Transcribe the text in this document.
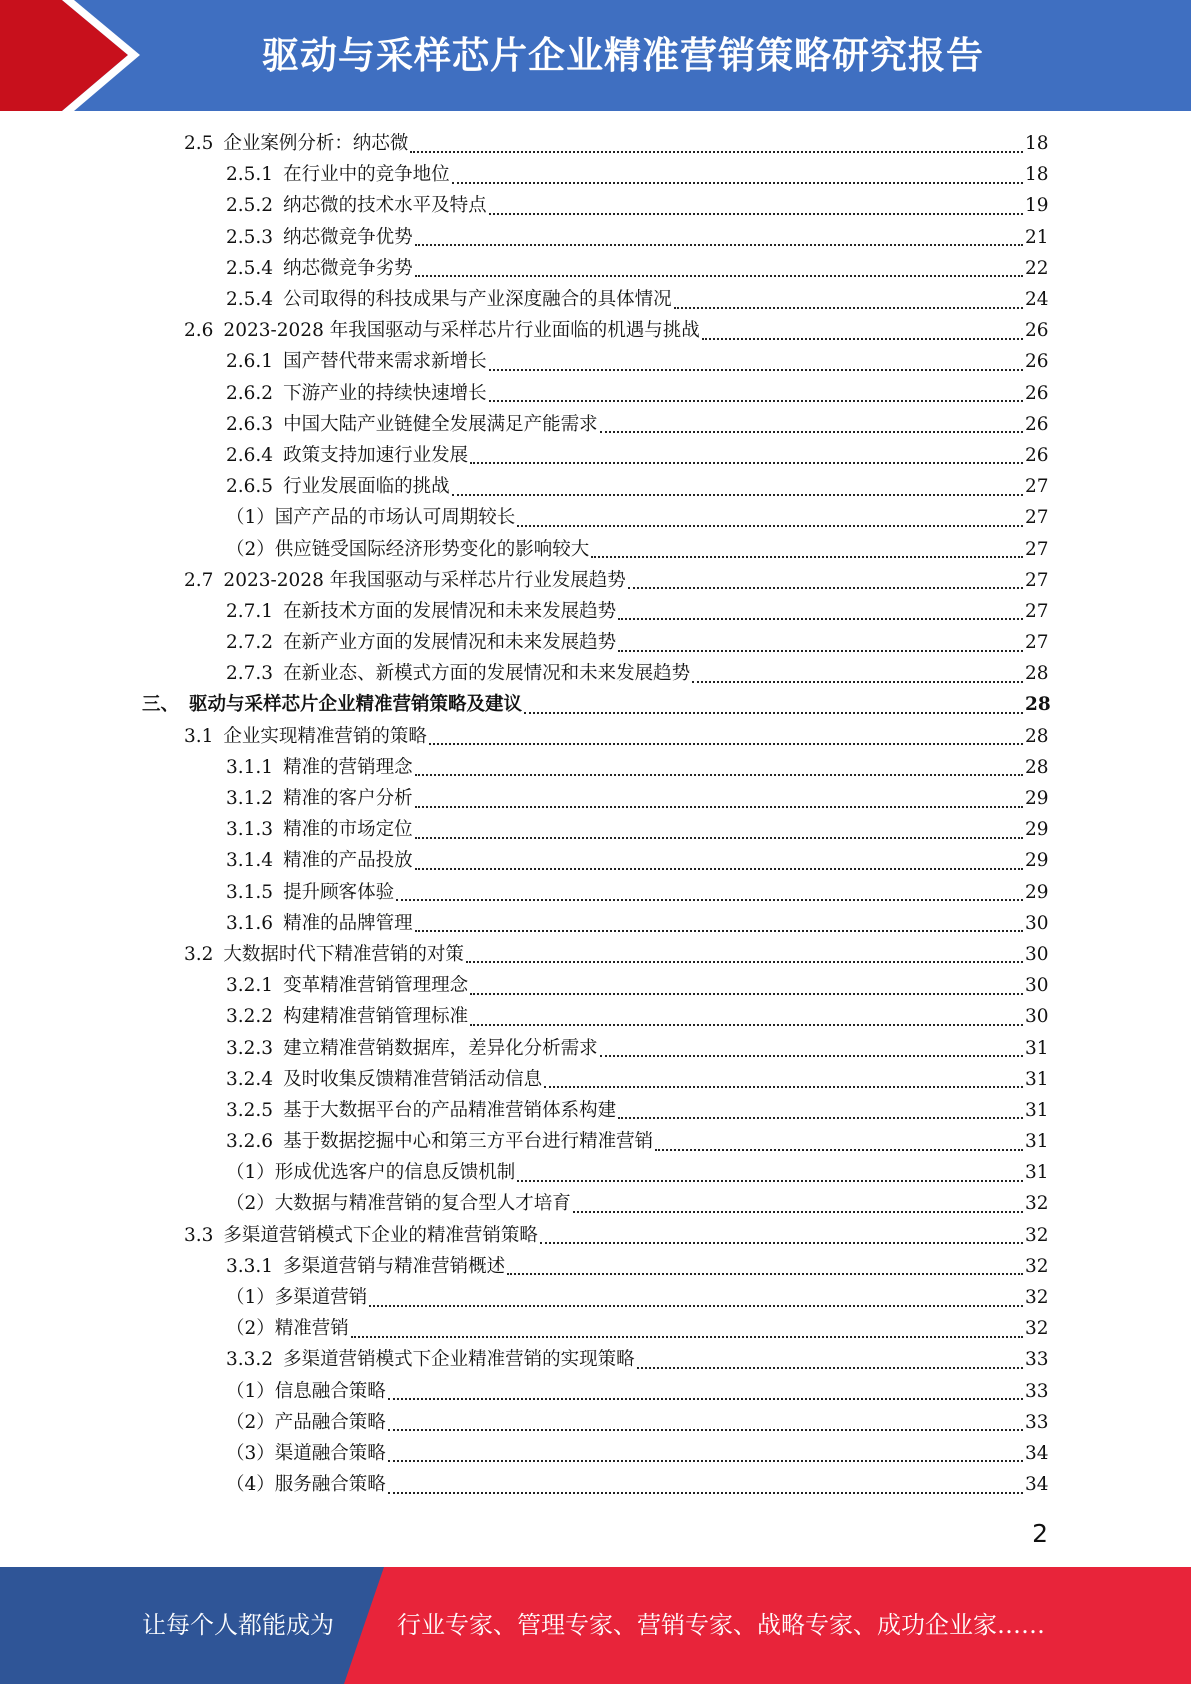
驱动与采样芯片企业精准营销策略研究报告
2.5 企业案例分析：纳芯微	18
2.5.1 在行业中的竞争地位	18
2.5.2 纳芯微的技术水平及特点	19
2.5.3 纳芯微竞争优势	21
2.5.4 纳芯微竞争劣势	22
2.5.4 公司取得的科技成果与产业深度融合的具体情况	24
2.6 2023-2028 年我国驱动与采样芯片行业面临的机遇与挑战	26
2.6.1 国产替代带来需求新增长	26
2.6.2 下游产业的持续快速增长	26
2.6.3 中国大陆产业链健全发展满足产能需求	26
2.6.4 政策支持加速行业发展	26
2.6.5 行业发展面临的挑战	27
（1） 国产产品的市场认可周期较长	27
（2） 供应链受国际经济形势变化的影响较大	27
2.7 2023-2028 年我国驱动与采样芯片行业发展趋势	27
2.7.1 在新技术方面的发展情况和未来发展趋势	27
2.7.2 在新产业方面的发展情况和未来发展趋势	27
2.7.3 在新业态、新模式方面的发展情况和未来发展趋势	28
三、 驱动与采样芯片企业精准营销策略及建议	28
3.1 企业实现精准营销的策略	28
3.1.1 精准的营销理念	28
3.1.2 精准的客户分析	29
3.1.3 精准的市场定位	29
3.1.4 精准的产品投放	29
3.1.5 提升顾客体验	29
3.1.6 精准的品牌管理	30
3.2 大数据时代下精准营销的对策	30
3.2.1 变革精准营销管理理念	30
3.2.2 构建精准营销管理标准	30
3.2.3 建立精准营销数据库，差异化分析需求	31
3.2.4 及时收集反馈精准营销活动信息	31
3.2.5 基于大数据平台的产品精准营销体系构建	31
3.2.6 基于数据挖掘中心和第三方平台进行精准营销	31
（1） 形成优选客户的信息反馈机制	31
（2） 大数据与精准营销的复合型人才培育	32
3.3 多渠道营销模式下企业的精准营销策略	32
3.3.1 多渠道营销与精准营销概述	32
（1） 多渠道营销	32
（2） 精准营销	32
3.3.2 多渠道营销模式下企业精准营销的实现策略	33
（1） 信息融合策略	33
（2） 产品融合策略	33
（3） 渠道融合策略	34
（4） 服务融合策略	34
2
让每个人都能成为	行业专家、管理专家、营销专家、战略专家、成功企业家……
